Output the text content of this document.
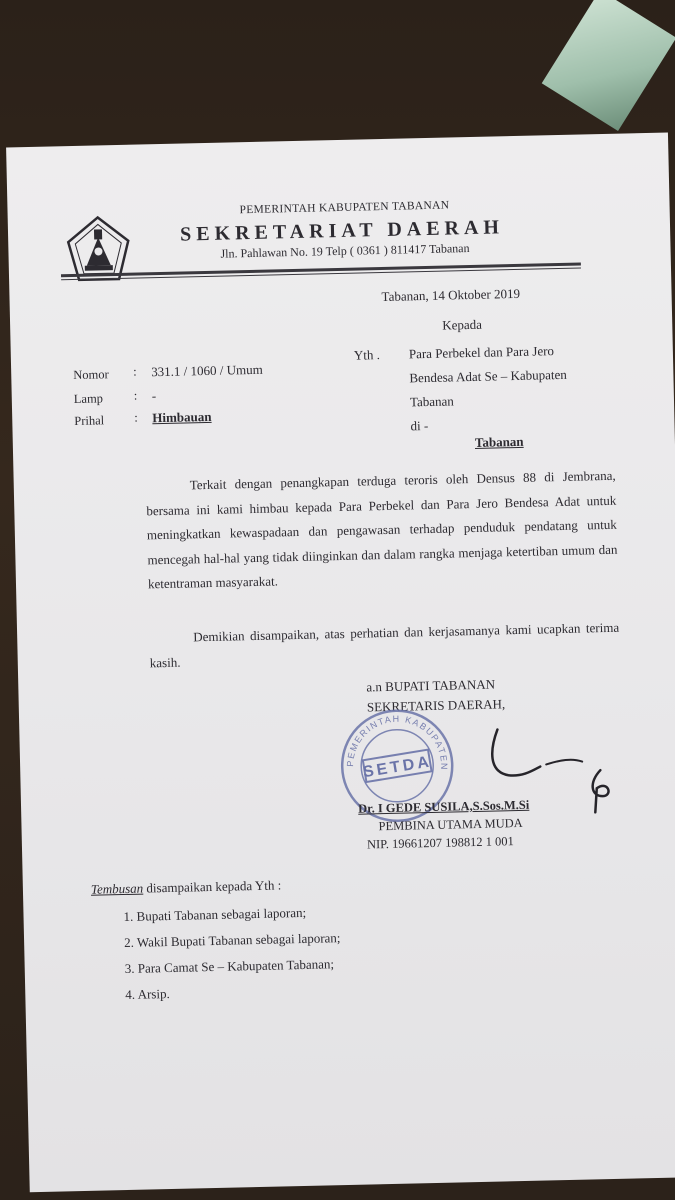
PEMERINTAH KABUPATEN TABANAN
SEKRETARIAT DAERAH
Jln. Pahlawan No. 19 Telp ( 0361 ) 811417 Tabanan
Tabanan, 14 Oktober 2019
Kepada
Nomor : 331.1 / 1060 / Umum
Lamp : -
Prihal : Himbauan
Yth . Para Perbekel dan Para Jero
Bendesa Adat Se – Kabupaten
Tabanan
di -
Tabanan
Terkait dengan penangkapan terduga teroris oleh Densus 88 di Jembrana, bersama ini kami himbau kepada Para Perbekel dan Para Jero Bendesa Adat untuk meningkatkan kewaspadaan dan pengawasan terhadap penduduk pendatang untuk mencegah hal-hal yang tidak diinginkan dan dalam rangka menjaga ketertiban umum dan ketentraman masyarakat.
Demikian disampaikan, atas perhatian dan kerjasamanya kami ucapkan terima kasih.
a.n BUPATI TABANAN
SEKRETARIS DAERAH,
PEMERINTAH KABUPATEN
SETDA
Dr. I GEDE SUSILA,S.Sos.M.Si
PEMBINA UTAMA MUDA
NIP. 19661207 198812 1 001
Tembusan disampaikan kepada Yth :
1. Bupati Tabanan sebagai laporan;
2. Wakil Bupati Tabanan sebagai laporan;
3. Para Camat Se – Kabupaten Tabanan;
4. Arsip.
